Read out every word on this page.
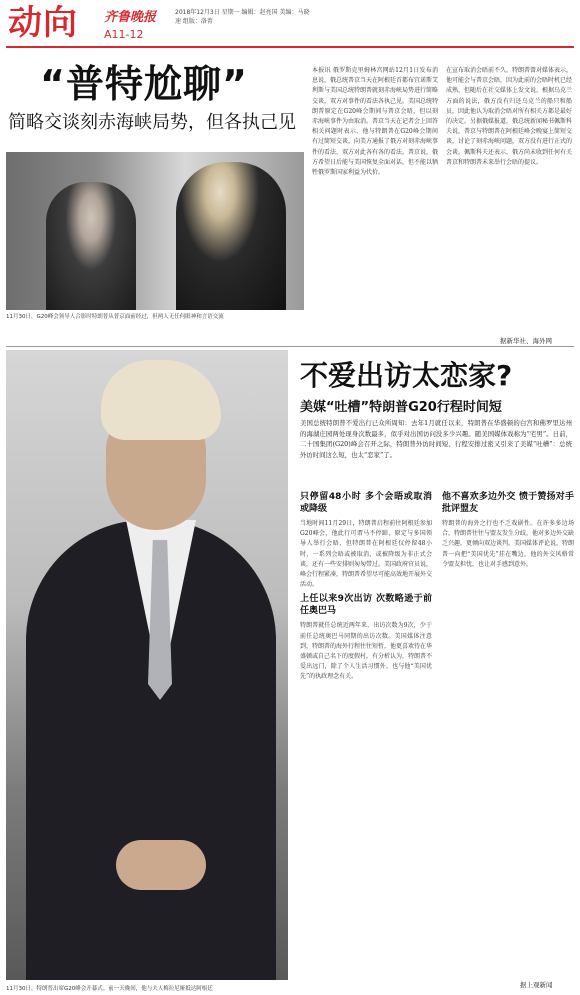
动向 齐鲁晚报
A11-12
2018年12月3日 星期一 编辑：赵亮国 美编：马晓速 组版：洛菁
“普特尬聊”
简略交谈刻赤海峡局势，但各执己见
11月30日，G20峰会领导人合影时特朗普从普京面前经过，但两人无任何眼神和言语交流
本报讯 俄罗斯克里姆林宫网站12月1日发布消息说，俄总统普京当天在阿根廷首都布宜诺斯艾利斯与美国总统特朗普就刻赤海峡局势进行简略交谈，双方对事件的看法各执己见。美国总统特朗普原定在G20峰会期间与普京会晤，但以刻赤海峡事件为由取消。普京当天在记者会上回答相关问题时表示，他与特朗普在G20峰会期间有过简短交谈，向美方通报了俄方对刻赤海峡事件的看法，双方对此各有各的看法。普京说，俄方希望日后能与美国恢复全面对话，但不能以牺牲俄罗斯国家利益为代价。
在宣布取消会晤前不久，特朗普曾对媒体表示，他可能会与普京会晤，因为此前的会晤时机已经成熟，但随后在社交媒体上发文说，根据乌克兰方面的说法，俄方没有归还乌克兰的船只和船员，因此他认为取消会晤对所有相关方都是最好的决定。另据俄媒报道，俄总统新闻秘书佩斯科夫说，普京与特朗普在阿根廷峰会晚宴上简短交谈，讨论了刻赤海峡问题，双方没有进行正式的会谈。佩斯科夫还表示，俄方尚未收到任何有关普京和特朗普未来举行会晤的提议。
据新华社、海外网
11月30日，特朗普出席G20峰会开幕式。前一天晚间，他与夫人梅拉尼娅抵达阿根廷
不爱出访太恋家?
美媒“吐槽”特朗普G20行程时间短
美国总统特朗普不爱出行已众所周知：去年1月就任以来，特朗普在华盛顿的白宫和佛罗里达州的海湖庄园两处现身次数最多，似乎对出国访问没多少兴趣。随美国媒体戏称为“宅男”。日前，二十国集团(G20)峰会召开之际，特朗普外访时间短、行程安排过密又引来了美媒“吐槽”：总统外访时间这么短，也太“恋家”了。
只停留48小时 多个会晤或取消或降级
当地时间11月29日，特朗普启程前往阿根廷参加G20峰会，他此行可谓马不停蹄，原定与多国领导人举行会晤，但特朗普在阿根廷仅停留48小时，一系列会晤或被取消，或被降级为非正式会谈，还有一些安排则匆匆带过。美国政府官员说，峰会行程紧凑，特朗普希望尽可能高效地开展外交活动。
上任以来9次出访 次数略逊于前任奥巴马
特朗普就任总统近两年来，出访次数为9次，少于前任总统奥巴马同期的出访次数。美国媒体注意到，特朗普的海外行程往往短暂，他更喜欢待在华盛顿或自己名下的度假村。有分析认为，特朗普不爱出远门，除了个人生活习惯外，也与他“美国优先”的执政理念有关。
他不喜欢多边外交 愤于赞扬对手批评盟友
特朗普的海外之行也不乏戏剧性。在许多多边场合，特朗普往往与盟友发生分歧，他对多边外交缺乏兴趣，更倾向双边谈判。美国媒体评论说，特朗普一向把“美国优先”挂在嘴边，他的外交风格常令盟友担忧，也让对手感到意外。
据上观新闻
